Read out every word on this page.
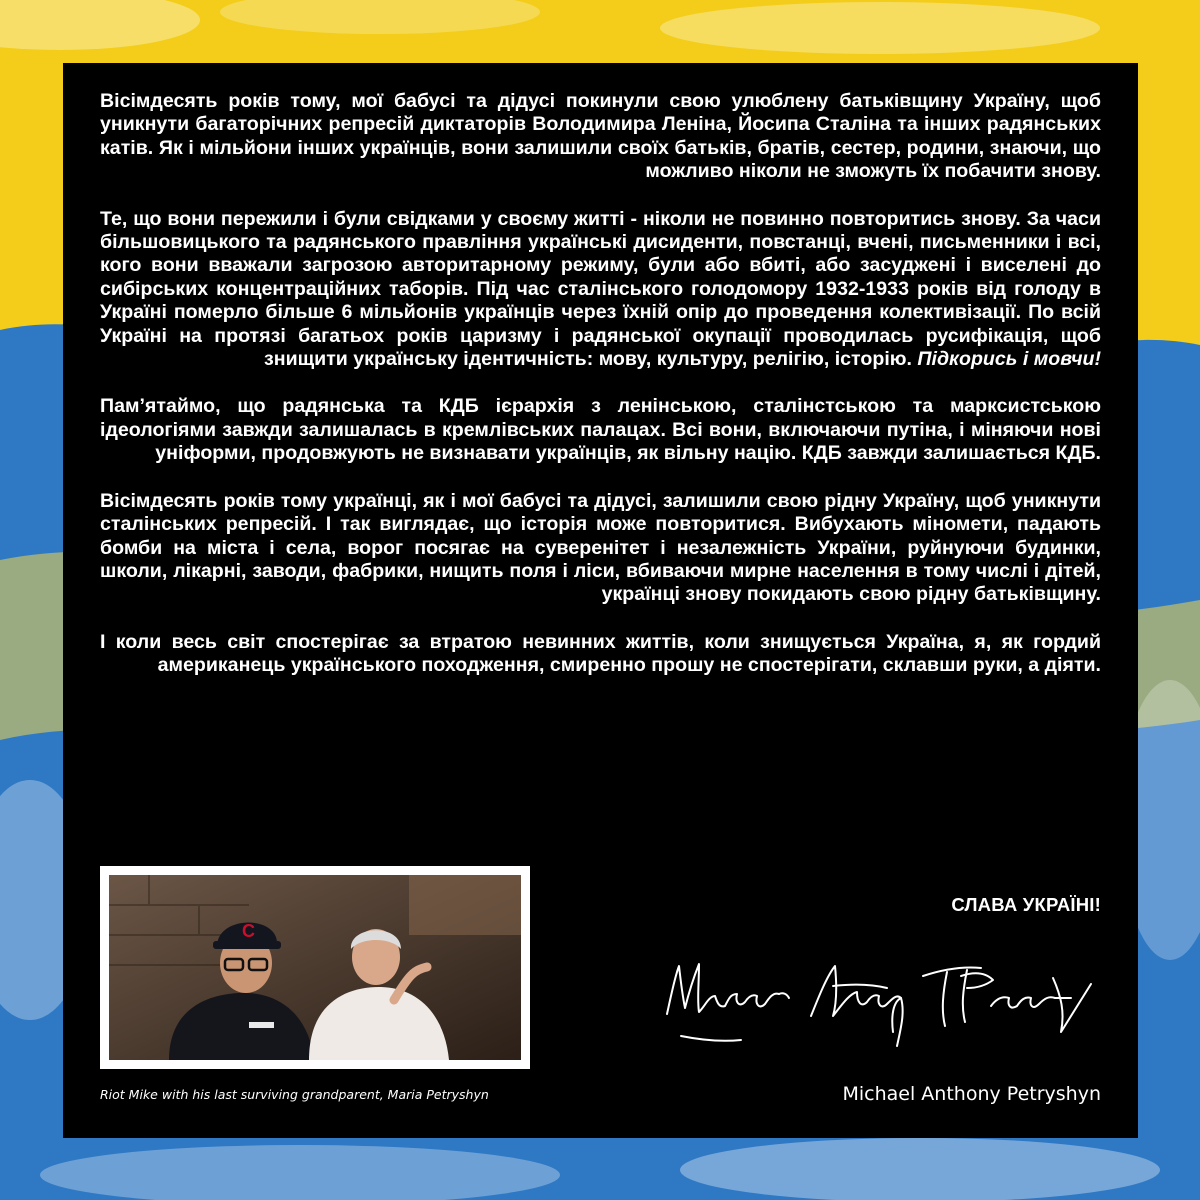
Вісімдесять років тому, мої бабусі та дідусі покинули свою улюблену батьківщину Україну, щоб уникнути багаторічних репресій диктаторів Володимира Леніна, Йосипа Сталіна та інших радянських катів. Як і мільйони інших українців, вони залишили своїх батьків, братів, сестер, родини, знаючи, що можливо ніколи не зможуть їх побачити знову.

Те, що вони пережили і були свідками у своєму житті - ніколи не повинно повторитись знову. За часи більшовицького та радянського правління українські дисиденти, повстанці, вчені, письменники і всі, кого вони вважали загрозою авторитарному режиму, були або вбиті, або засуджені і виселені до сибірських концентраційних таборів. Під час сталінського голодомору 1932-1933 років від голоду в Україні померло більше 6 мільйонів українців через їхній опір до проведення колективізації. По всій Україні на протязі багатьох років царизму і радянської окупації проводилась русифікація, щоб знищити українську ідентичність: мову, культуру, релігію, історію. Підкорись і мовчи!

Пам’ятаймо, що радянська та КДБ ієрархія з ленінською, сталінстською та марксистською ідеологіями завжди залишалась в кремлівських палацах. Всі вони, включаючи путіна, і міняючи нові уніформи, продовжують не визнавати українців, як вільну націю. КДБ завжди залишається КДБ.

Вісімдесять років тому українці, як і мої бабусі та дідусі, залишили свою рідну Україну, щоб уникнути сталінських репресій. І так виглядає, що історія може повторитися. Вибухають міномети, падають бомби на міста і села, ворог посягає на суверенітет і незалежність України, руйнуючи будинки, школи, лікарні, заводи, фабрики, нищить поля і ліси, вбиваючи мирне населення в тому числі і дітей, українці знову покидають свою рідну батьківщину.

І коли весь світ спостерігає за втратою невинних життів, коли знищується Україна, я, як гордий американець українського походження, смиренно прошу не спостерігати, склавши руки, а діяти.

СЛАВА УКРАЇНІ!
C
Riot Mike with his last surviving grandparent, Maria Petryshyn	Michael Anthony Petryshyn
